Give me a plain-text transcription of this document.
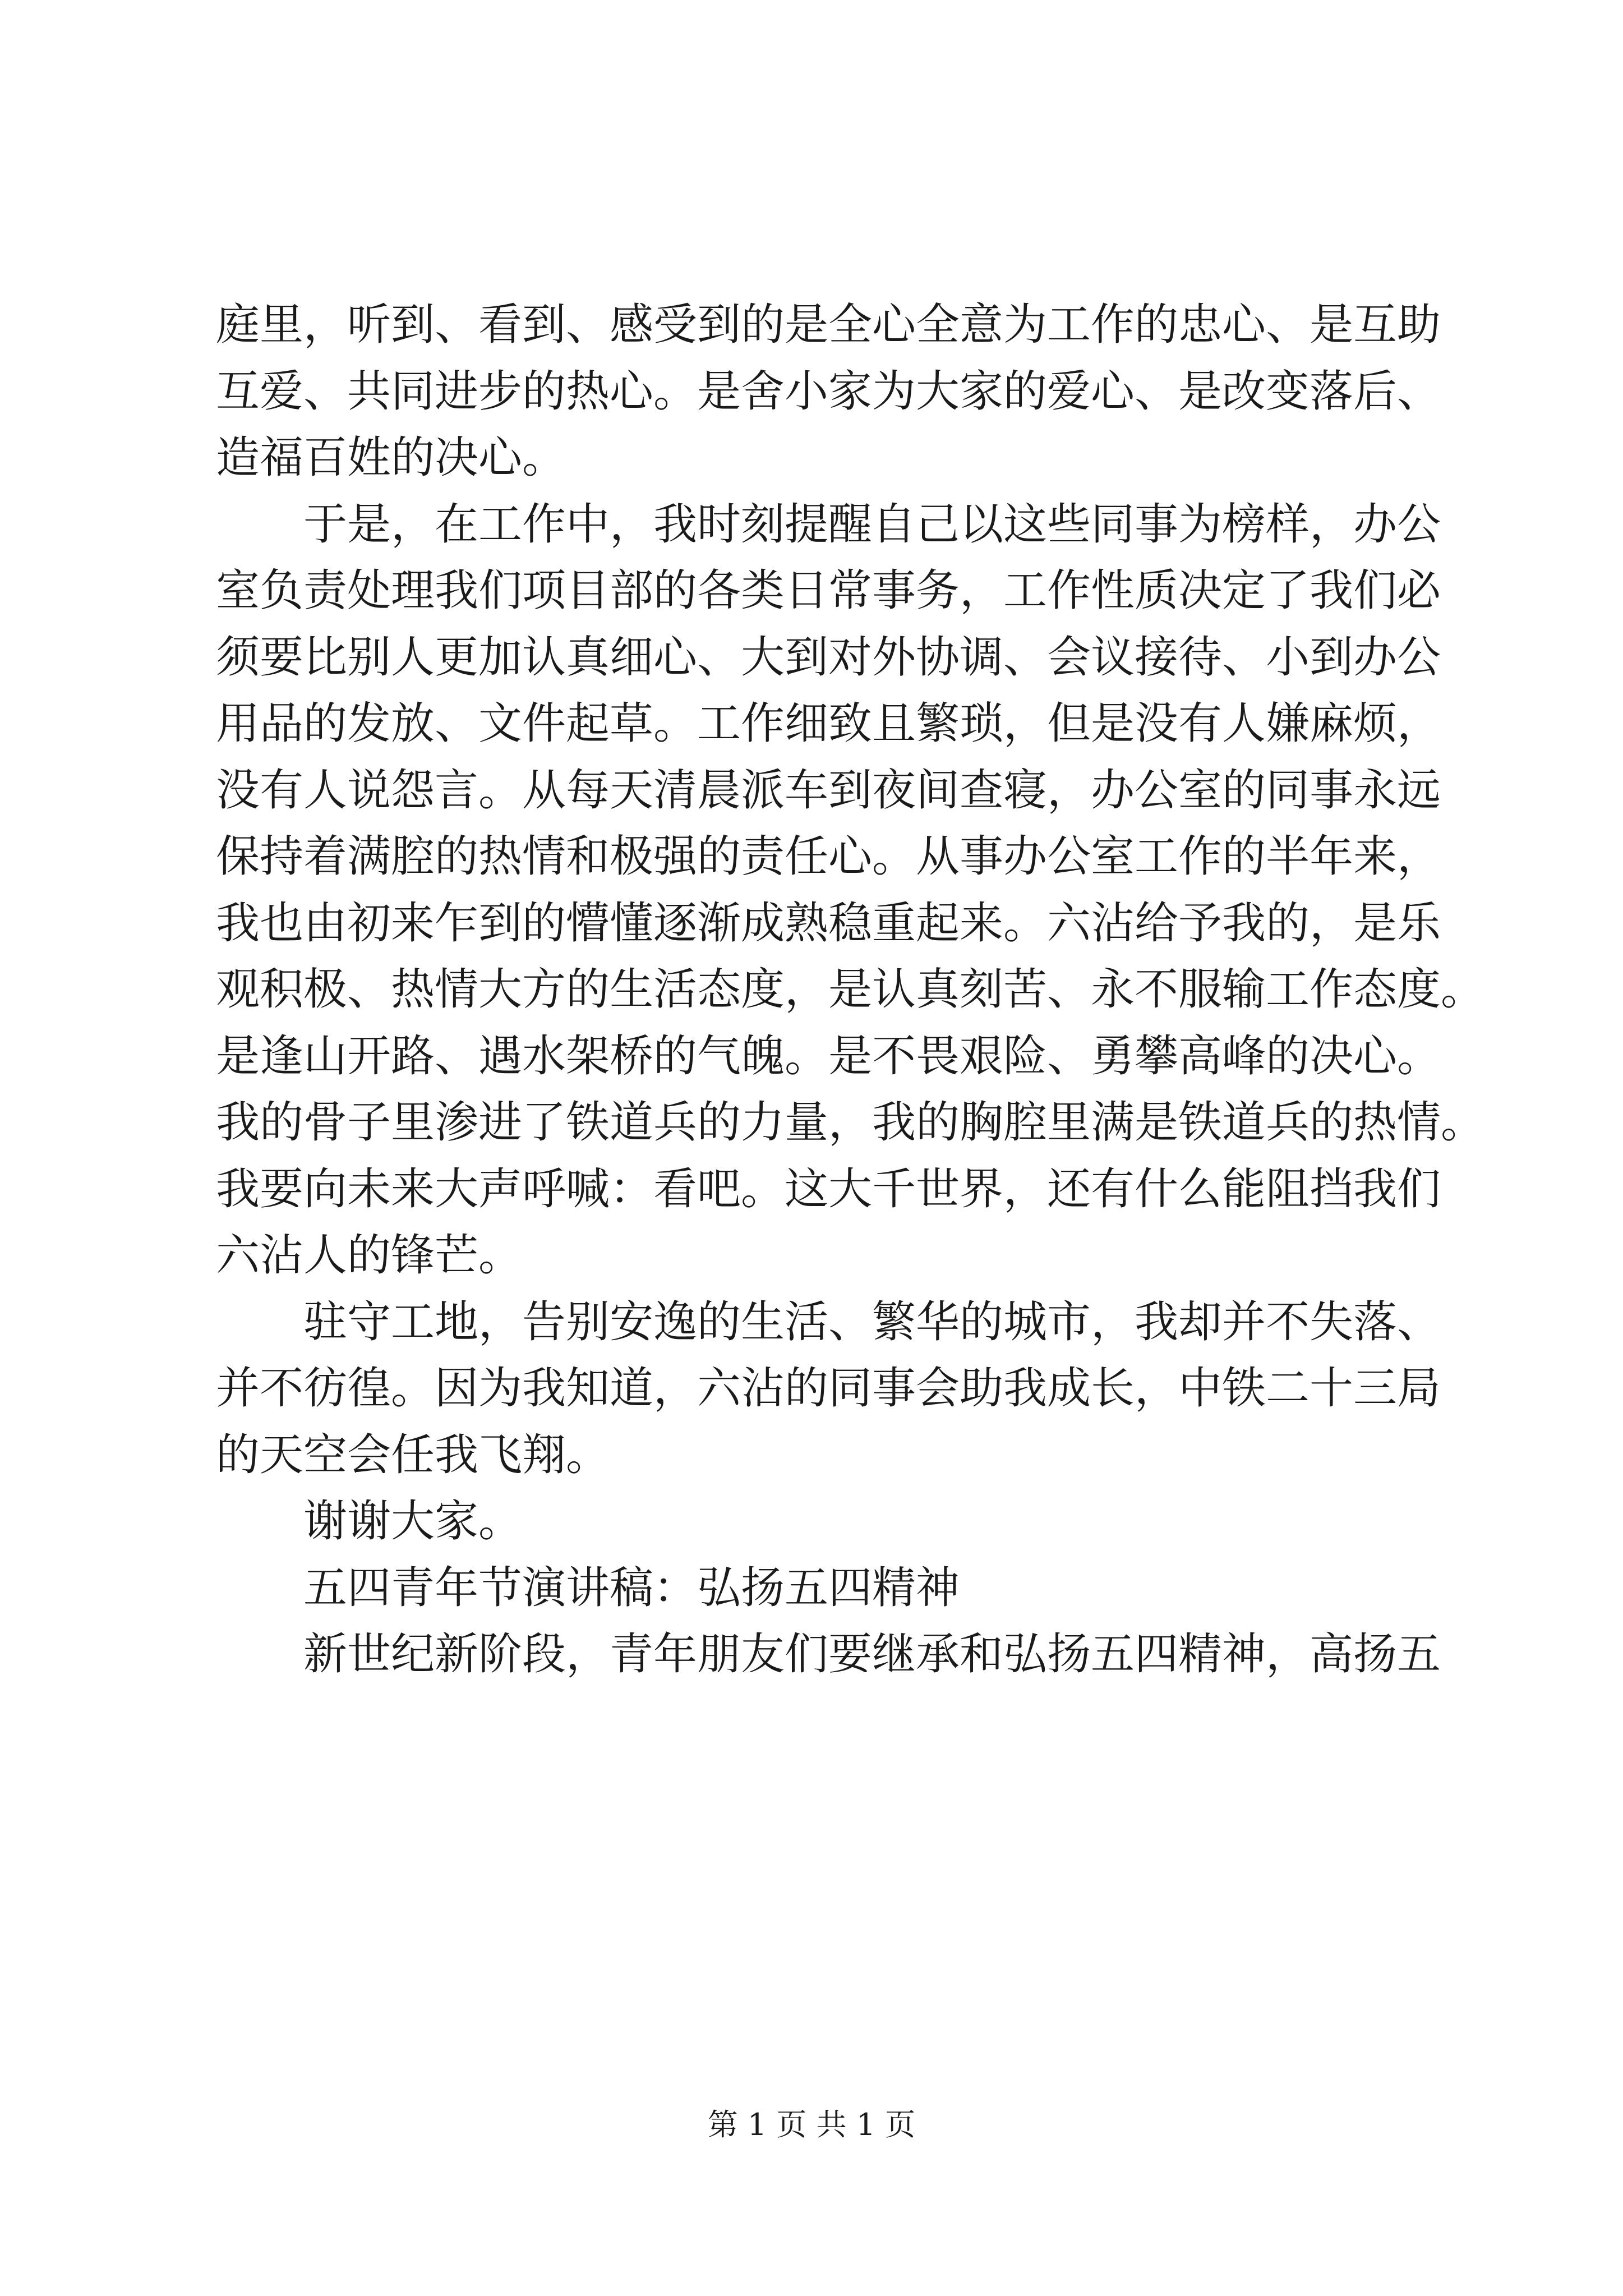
庭里，听到、看到、感受到的是全心全意为工作的忠心、是互助
互爱、共同进步的热心。是舍小家为大家的爱心、是改变落后、
造福百姓的决心。
于是，在工作中，我时刻提醒自己以这些同事为榜样，办公
室负责处理我们项目部的各类日常事务，工作性质决定了我们必
须要比别人更加认真细心、大到对外协调、会议接待、小到办公
用品的发放、文件起草。工作细致且繁琐，但是没有人嫌麻烦，
没有人说怨言。从每天清晨派车到夜间查寝，办公室的同事永远
保持着满腔的热情和极强的责任心。从事办公室工作的半年来，
我也由初来乍到的懵懂逐渐成熟稳重起来。六沾给予我的，是乐
观积极、热情大方的生活态度，是认真刻苦、永不服输工作态度。
是逢山开路、遇水架桥的气魄。是不畏艰险、勇攀高峰的决心。
我的骨子里渗进了铁道兵的力量，我的胸腔里满是铁道兵的热情。
我要向未来大声呼喊：看吧。这大千世界，还有什么能阻挡我们
六沾人的锋芒。
驻守工地，告别安逸的生活、繁华的城市，我却并不失落、
并不彷徨。因为我知道，六沾的同事会助我成长，中铁二十三局
的天空会任我飞翔。
谢谢大家。
五四青年节演讲稿：弘扬五四精神
新世纪新阶段，青年朋友们要继承和弘扬五四精神，高扬五
第 1 页 共 1 页
